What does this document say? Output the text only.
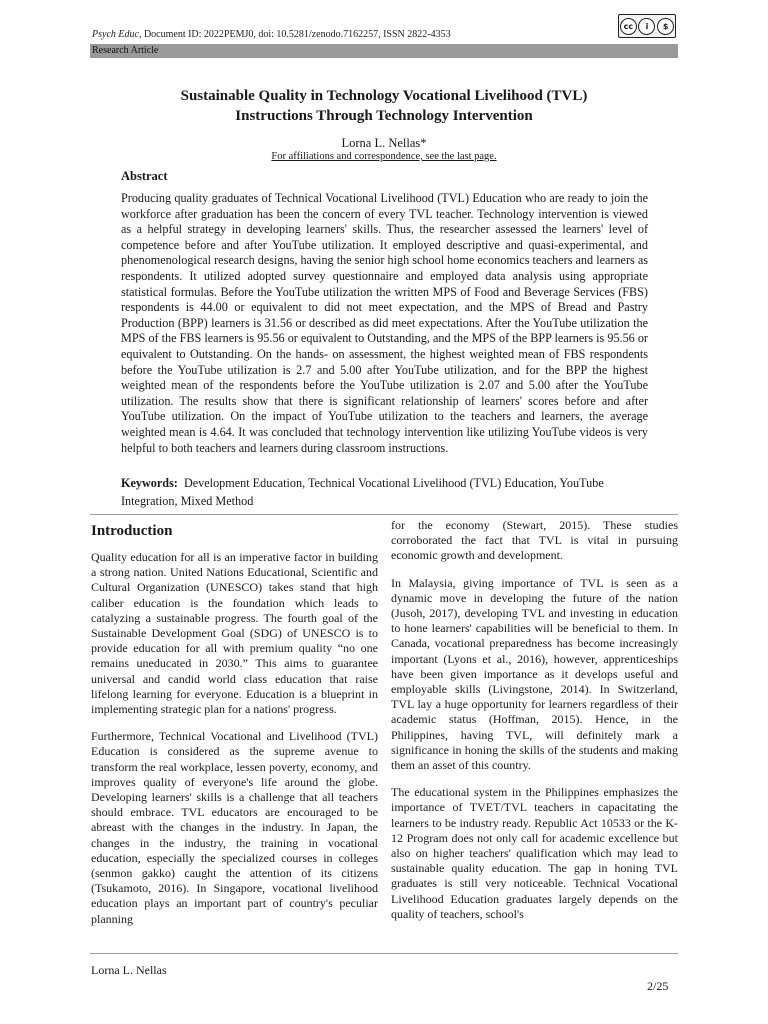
Psych Educ, Document ID: 2022PEMJ0, doi: 10.5281/zenodo.7162257, ISSN 2822-4353
cc	i	$
Research Article
Sustainable Quality in Technology Vocational Livelihood (TVL)
Instructions Through Technology Intervention
Lorna L. Nellas*
For affiliations and correspondence, see the last page.
Abstract
Producing quality graduates of Technical Vocational Livelihood (TVL) Education who are ready to join the workforce after graduation has been the concern of every TVL teacher. Technology intervention is viewed as a helpful strategy in developing learners' skills. Thus, the researcher assessed the learners' level of competence before and after YouTube utilization. It employed descriptive and quasi-experimental, and phenomenological research designs, having the senior high school home economics teachers and learners as respondents. It utilized adopted survey questionnaire and employed data analysis using appropriate statistical formulas. Before the YouTube utilization the written MPS of Food and Beverage Services (FBS) respondents is 44.00 or equivalent to did not meet expectation, and the MPS of Bread and Pastry Production (BPP) learners is 31.56 or described as did meet expectations. After the YouTube utilization the MPS of the FBS learners is 95.56 or equivalent to Outstanding, and the MPS of the BPP learners is 95.56 or equivalent to Outstanding. On the hands- on assessment, the highest weighted mean of FBS respondents before the YouTube utilization is 2.7 and 5.00 after YouTube utilization, and for the BPP the highest weighted mean of the respondents before the YouTube utilization is 2.07 and 5.00 after the YouTube utilization. The results show that there is significant relationship of learners' scores before and after YouTube utilization. On the impact of YouTube utilization to the teachers and learners, the average weighted mean is 4.64. It was concluded that technology intervention like utilizing YouTube videos is very helpful to both teachers and learners during classroom instructions.
Keywords: Development Education, Technical Vocational Livelihood (TVL) Education, YouTube Integration, Mixed Method
Introduction

Quality education for all is an imperative factor in building a strong nation. United Nations Educational, Scientific and Cultural Organization (UNESCO) takes stand that high caliber education is the foundation which leads to catalyzing a sustainable progress. The fourth goal of the Sustainable Development Goal (SDG) of UNESCO is to provide education for all with premium quality “no one remains uneducated in 2030.” This aims to guarantee universal and candid world class education that raise lifelong learning for everyone. Education is a blueprint in implementing strategic plan for a nations' progress.

Furthermore, Technical Vocational and Livelihood (TVL) Education is considered as the supreme avenue to transform the real workplace, lessen poverty, economy, and improves quality of everyone's life around the globe. Developing learners' skills is a challenge that all teachers should embrace. TVL educators are encouraged to be abreast with the changes in the industry. In Japan, the changes in the industry, the training in vocational education, especially the specialized courses in colleges (senmon gakko) caught the attention of its citizens (Tsukamoto, 2016). In Singapore, vocational livelihood education plays an important part of country's peculiar planning

for the economy (Stewart, 2015). These studies corroborated the fact that TVL is vital in pursuing economic growth and development.

In Malaysia, giving importance of TVL is seen as a dynamic move in developing the future of the nation (Jusoh, 2017), developing TVL and investing in education to hone learners' capabilities will be beneficial to them. In Canada, vocational preparedness has become increasingly important (Lyons et al., 2016), however, apprenticeships have been given importance as it develops useful and employable skills (Livingstone, 2014). In Switzerland, TVL lay a huge opportunity for learners regardless of their academic status (Hoffman, 2015). Hence, in the Philippines, having TVL, will definitely mark a significance in honing the skills of the students and making them an asset of this country.

The educational system in the Philippines emphasizes the importance of TVET/TVL teachers in capacitating the learners to be industry ready. Republic Act 10533 or the K-12 Program does not only call for academic excellence but also on higher teachers' qualification which may lead to sustainable quality education. The gap in honing TVL graduates is still very noticeable. Technical Vocational Livelihood Education graduates largely depends on the quality of teachers, school's

Lorna L. Nellas
2/25
